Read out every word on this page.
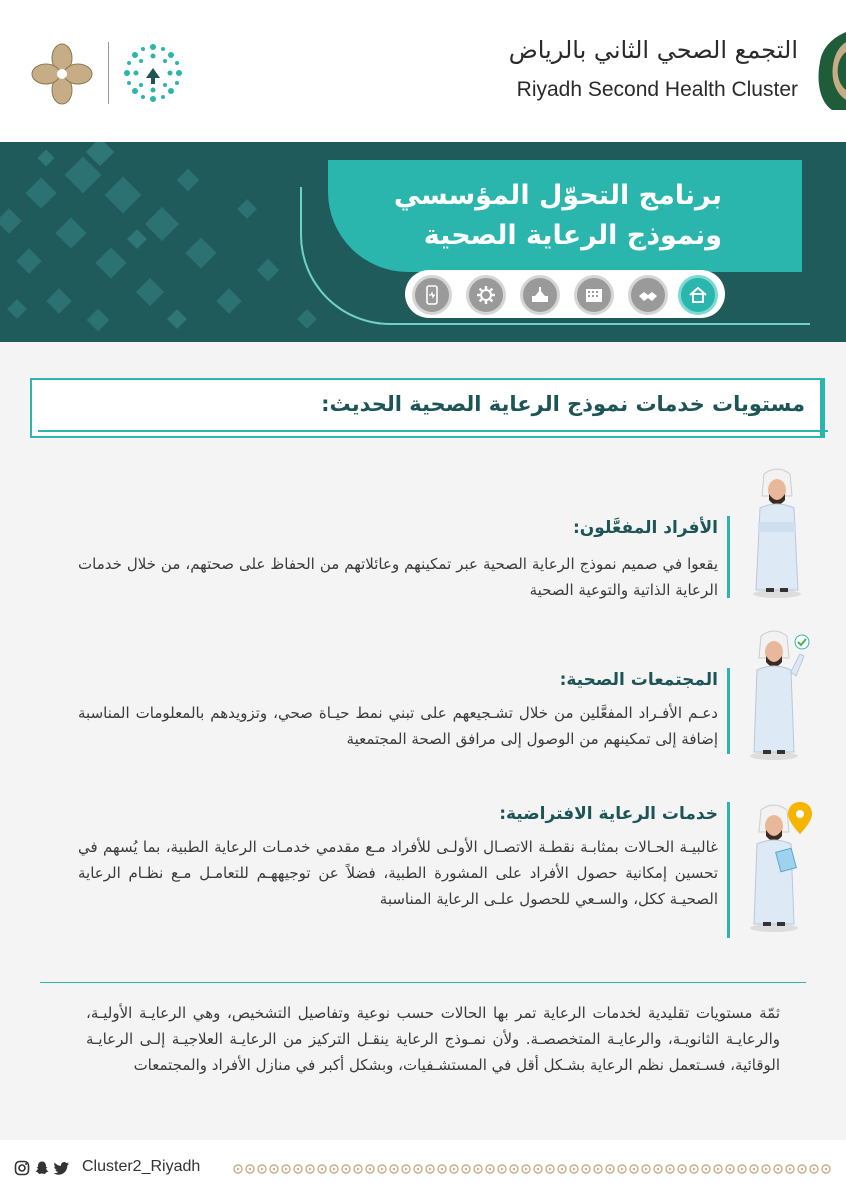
التجمع الصحي الثاني بالرياض
Riyadh Second Health Cluster
برنامج التحوّل المؤسسي
ونموذج الرعاية الصحية
مستويات خدمات نموذج الرعاية الصحية الحديث:
الأفراد المفعَّلون:
يقعوا في صميم نموذج الرعاية الصحية عبر تمكينهم وعائلاتهم من الحفاظ على صحتهم، من خلال خدمات الرعاية الذاتية والتوعية الصحية
المجتمعات الصحية:
دعـم الأفـراد المفعَّلين من خلال تشـجيعهم على تبني نمط حيـاة صحي، وتزويدهم بالمعلومات المناسبة إضافة إلى تمكينهم من الوصول إلى مرافق الصحة المجتمعية
خدمات الرعاية الافتراضية:
غالبيـة الحـالات بمثابـة نقطـة الاتصـال الأولـى للأفراد مـع مقدمي خدمـات الرعاية الطبية، بما يُسهم في تحسين إمكانية حصول الأفراد على المشورة الطبية، فضلاً عن توجيههـم للتعامـل مـع نظـام الرعاية الصحيـة ككل، والسـعي للحصول علـى الرعاية المناسبة
ثمّة مستويات تقليدية لخدمات الرعاية تمر بها الحالات حسب نوعية وتفاصيل التشخيص، وهي الرعايـة الأوليـة، والرعايـة الثانويـة، والرعايـة المتخصصـة. ولأن نمـوذج الرعاية ينقـل التركيز من الرعايـة العلاجيـة إلـى الرعايـة الوقائية، فسـتعمل نظم الرعاية بشـكل أقل في المستشـفيات، وبشكل أكبر في منازل الأفراد والمجتمعات
Cluster2_Riyadh
